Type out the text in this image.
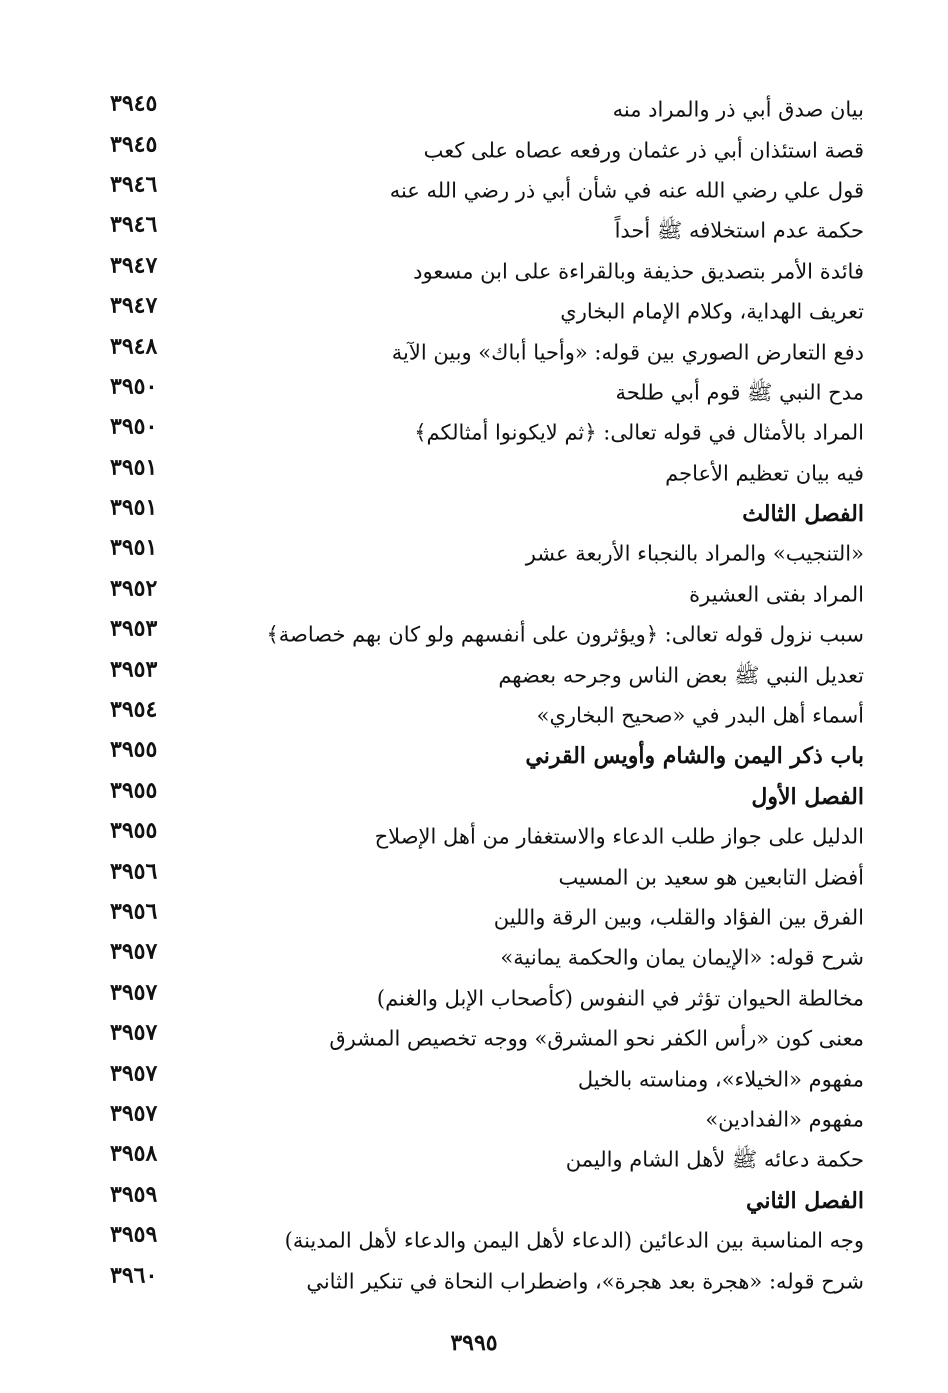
بيان صدق أبي ذر والمراد منه
٣٩٤٥
قصة استئذان أبي ذر عثمان ورفعه عصاه على كعب
٣٩٤٥
قول علي رضي الله عنه في شأن أبي ذر رضي الله عنه
٣٩٤٦
حكمة عدم استخلافه ﷺ أحداً
٣٩٤٦
فائدة الأمر بتصديق حذيفة وبالقراءة على ابن مسعود
٣٩٤٧
تعريف الهداية، وكلام الإمام البخاري
٣٩٤٧
دفع التعارض الصوري بين قوله: «وأحيا أباك» وبين الآية
٣٩٤٨
مدح النبي ﷺ قوم أبي طلحة
٣٩٥٠
المراد بالأمثال في قوله تعالى: ﴿ثم لايكونوا أمثالكم﴾
٣٩٥٠
فيه بيان تعظيم الأعاجم
٣٩٥١
الفصل الثالث
٣٩٥١
«التنجيب» والمراد بالنجباء الأربعة عشر
٣٩٥١
المراد بفتى العشيرة
٣٩٥٢
سبب نزول قوله تعالى: ﴿ويؤثرون على أنفسهم ولو كان بهم خصاصة﴾
٣٩٥٣
تعديل النبي ﷺ بعض الناس وجرحه بعضهم
٣٩٥٣
أسماء أهل البدر في «صحيح البخاري»
٣٩٥٤
باب ذكر اليمن والشام وأويس القرني
٣٩٥٥
الفصل الأول
٣٩٥٥
الدليل على جواز طلب الدعاء والاستغفار من أهل الإصلاح
٣٩٥٥
أفضل التابعين هو سعيد بن المسيب
٣٩٥٦
الفرق بين الفؤاد والقلب، وبين الرقة واللين
٣٩٥٦
شرح قوله: «الإيمان يمان والحكمة يمانية»
٣٩٥٧
مخالطة الحيوان تؤثر في النفوس (كأصحاب الإبل والغنم)
٣٩٥٧
معنى كون «رأس الكفر نحو المشرق» ووجه تخصيص المشرق
٣٩٥٧
مفهوم «الخيلاء»، ومناسته بالخيل
٣٩٥٧
مفهوم «الفدادين»
٣٩٥٧
حكمة دعائه ﷺ لأهل الشام واليمن
٣٩٥٨
الفصل الثاني
٣٩٥٩
وجه المناسبة بين الدعائين (الدعاء لأهل اليمن والدعاء لأهل المدينة)
٣٩٥٩
شرح قوله: «هجرة بعد هجرة»، واضطراب النحاة في تنكير الثاني
٣٩٦٠
٣٩٩٥
